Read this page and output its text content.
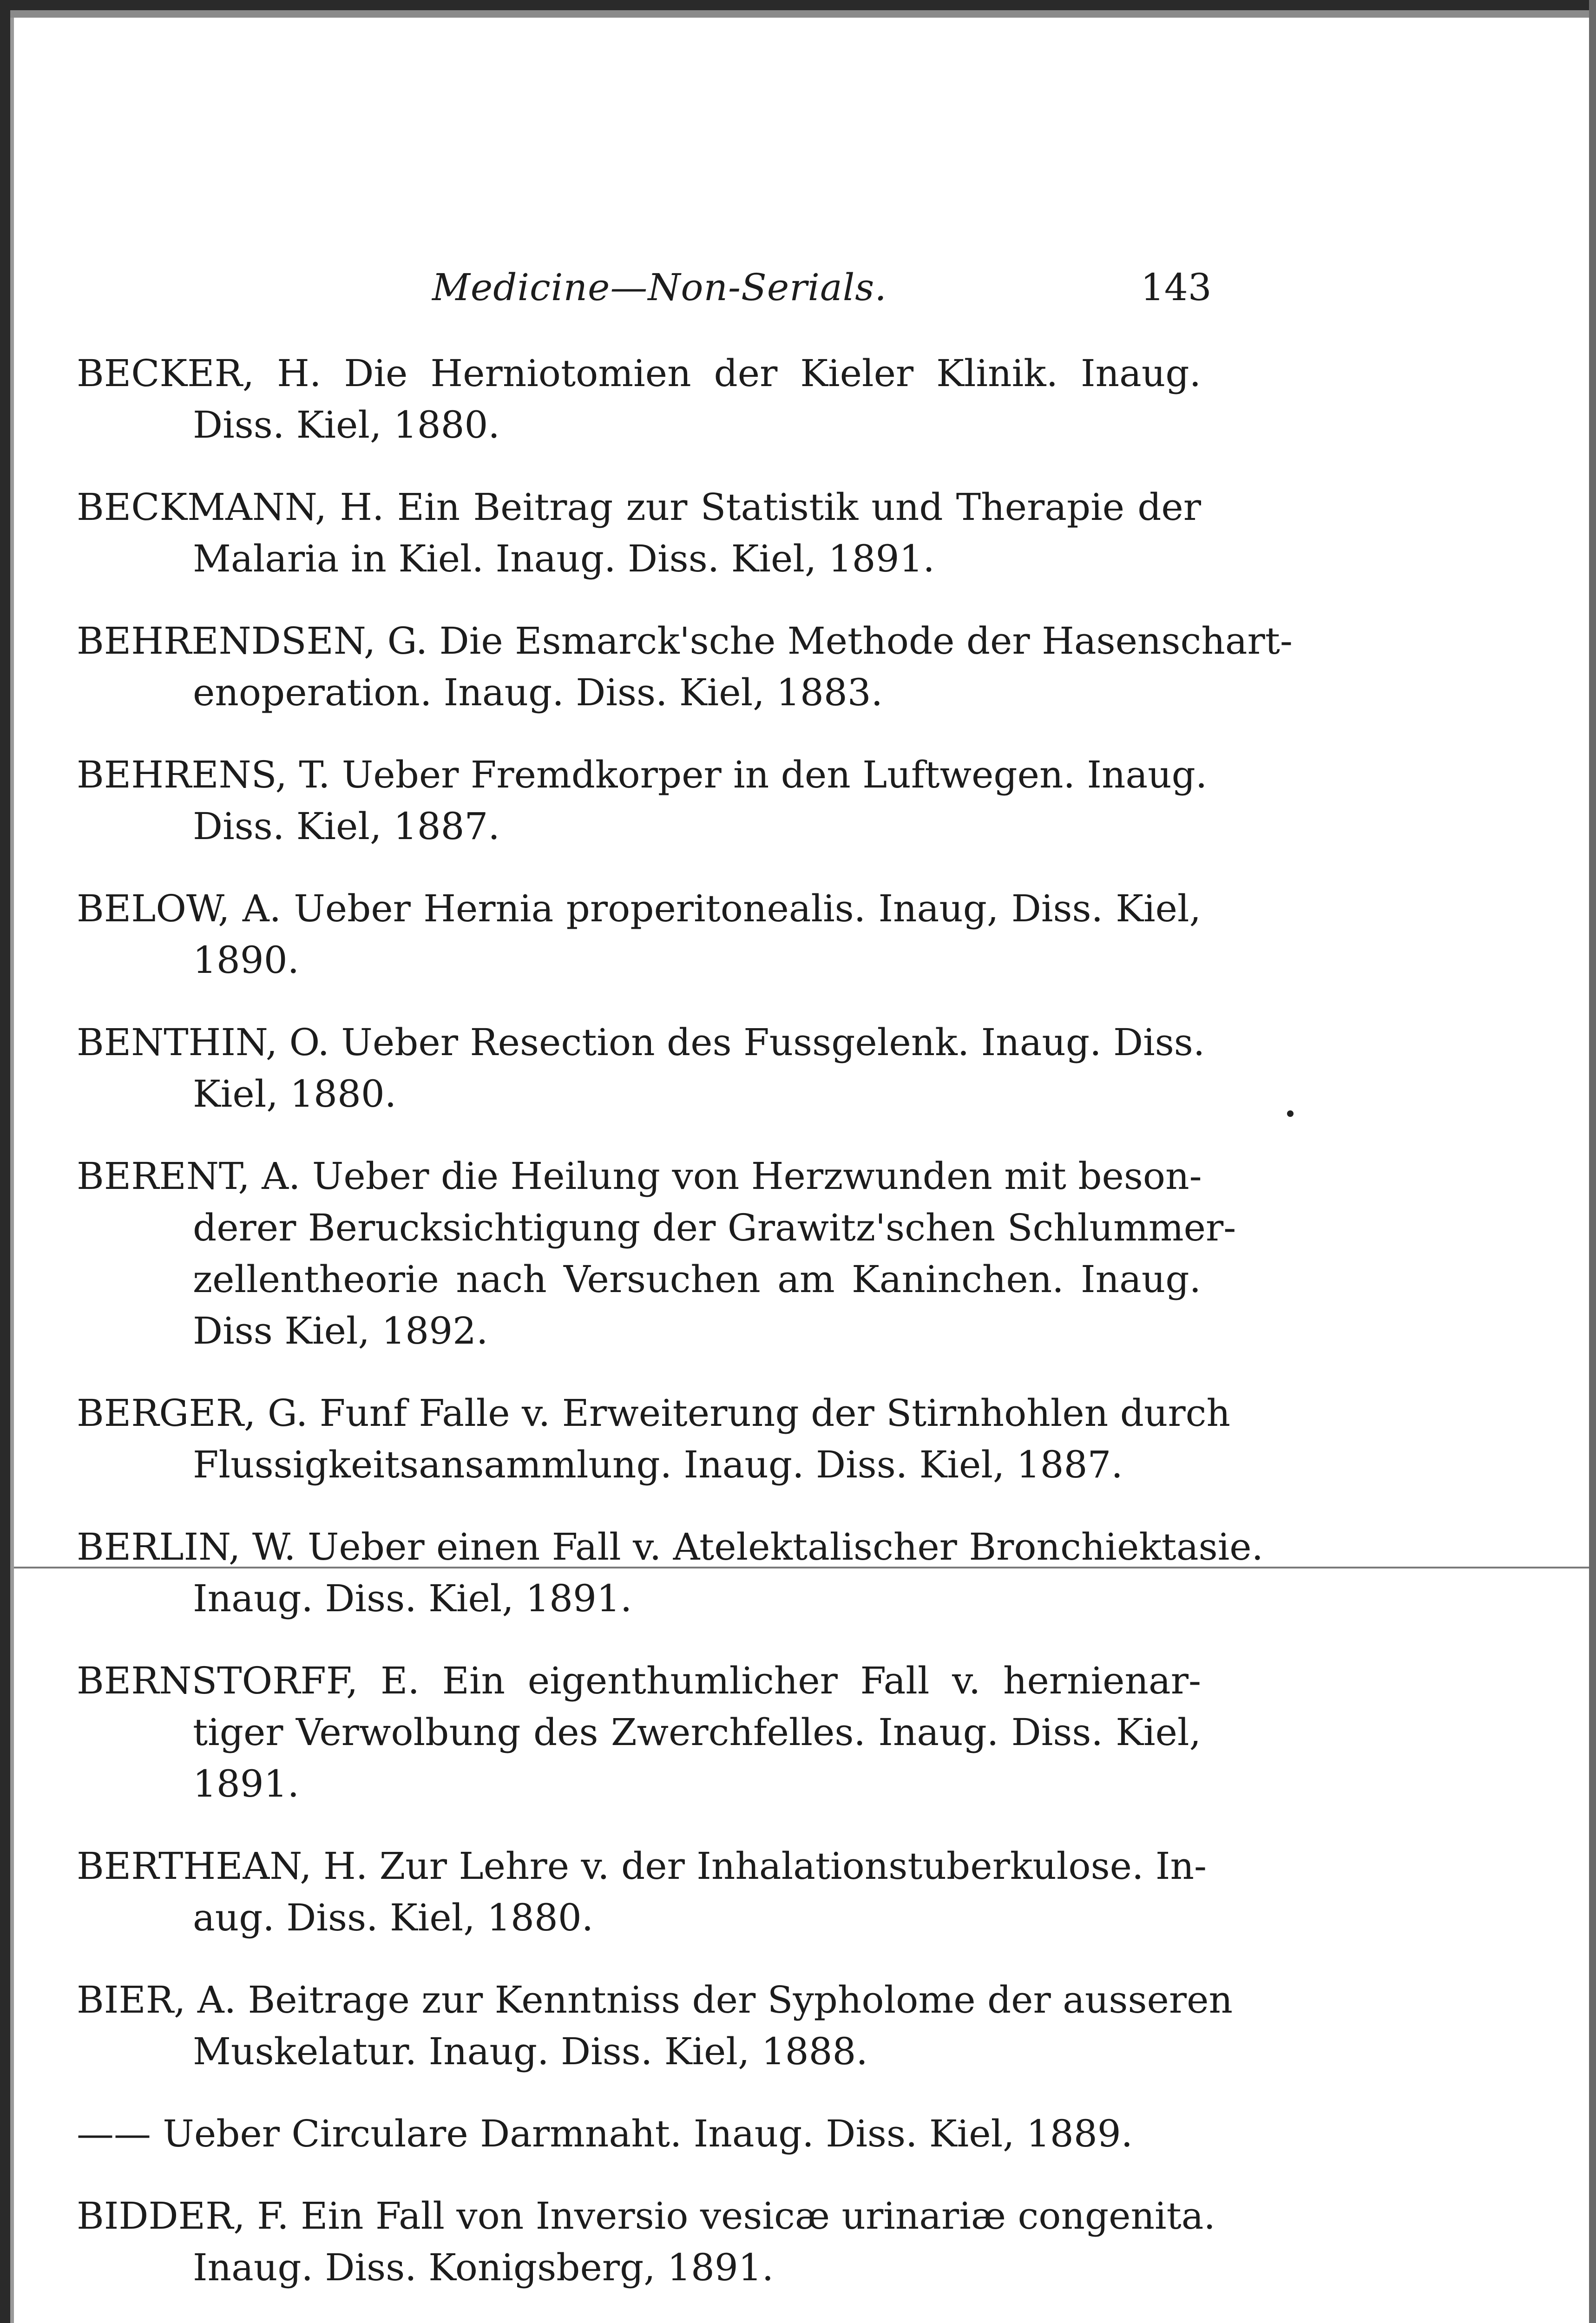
Medicine—Non-Serials.	143
BECKER, H. Die Herniotomien der Kieler Klinik. Inaug.
Diss. Kiel, 1880.
BECKMANN, H. Ein Beitrag zur Statistik und Therapie der
Malaria in Kiel. Inaug. Diss. Kiel, 1891.
BEHRENDSEN, G. Die Esmarck'sche Methode der Hasenschart-
enoperation. Inaug. Diss. Kiel, 1883.
BEHRENS, T. Ueber Fremdkorper in den Luftwegen. Inaug.
Diss. Kiel, 1887.
BELOW, A. Ueber Hernia properitonealis. Inaug, Diss. Kiel,
1890.
BENTHIN, O. Ueber Resection des Fussgelenk. Inaug. Diss.
Kiel, 1880.
BERENT, A. Ueber die Heilung von Herzwunden mit beson-
derer Berucksichtigung der Grawitz'schen Schlummer-
zellentheorie nach Versuchen am Kaninchen. Inaug.
Diss Kiel, 1892.
BERGER, G. Funf Falle v. Erweiterung der Stirnhohlen durch
Flussigkeitsansammlung. Inaug. Diss. Kiel, 1887.
BERLIN, W. Ueber einen Fall v. Atelektalischer Bronchiektasie.
Inaug. Diss. Kiel, 1891.
BERNSTORFF, E. Ein eigenthumlicher Fall v. hernienar-
tiger Verwolbung des Zwerchfelles. Inaug. Diss. Kiel,
1891.
BERTHEAN, H. Zur Lehre v. der Inhalationstuberkulose. In-
aug. Diss. Kiel, 1880.
BIER, A. Beitrage zur Kenntniss der Sypholome der ausseren
Muskelatur. Inaug. Diss. Kiel, 1888.
—— Ueber Circulare Darmnaht. Inaug. Diss. Kiel, 1889.
BIDDER, F. Ein Fall von Inversio vesicæ urinariæ congenita.
Inaug. Diss. Konigsberg, 1891.
